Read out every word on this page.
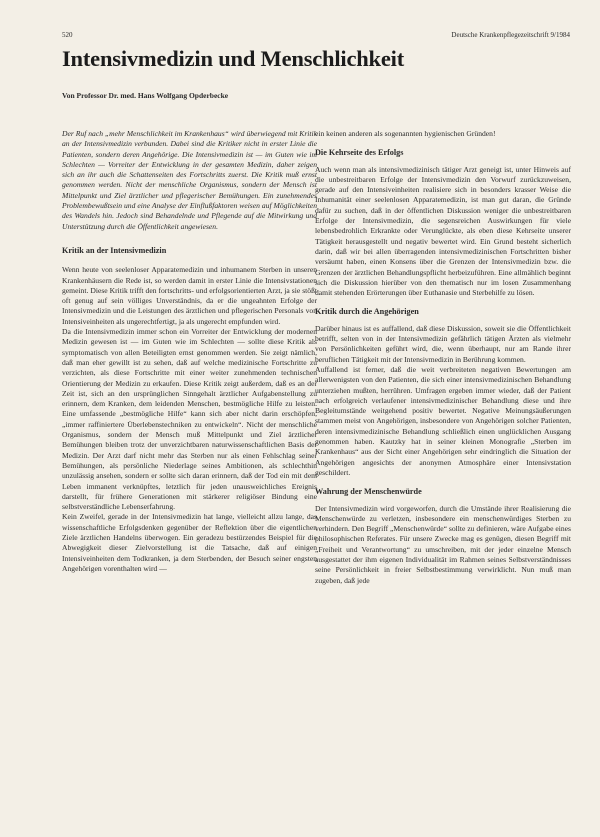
520	Deutsche Krankenpflegezeitschrift 9/1984
Intensivmedizin und Menschlichkeit

Von Professor Dr. med. Hans Wolfgang Opderbecke

Der Ruf nach „mehr Menschlichkeit im Krankenhaus“ wird überwiegend mit Kritik an der Intensivmedizin verbunden. Dabei sind die Kritiker nicht in erster Linie die Patienten, sondern deren Angehörige. Die Intensivmedizin ist — im Guten wie im Schlechten — Vorreiter der Entwicklung in der gesamten Medizin, daher zeigen sich an ihr auch die Schattenseiten des Fortschritts zuerst. Die Kritik muß ernst genommen werden. Nicht der menschliche Organismus, sondern der Mensch ist Mittelpunkt und Ziel ärztlicher und pflegerischer Bemühungen. Ein zunehmendes Problembewußtsein und eine Analyse der Einflußfaktoren weisen auf Möglichkeiten des Wandels hin. Jedoch sind Behandelnde und Pflegende auf die Mitwirkung und Unterstützung durch die Öffentlichkeit angewiesen.

Kritik an der Intensivmedizin

Wenn heute von seelenloser Apparatemedizin und inhumanem Sterben in unseren Krankenhäusern die Rede ist, so werden damit in erster Linie die Intensivstationen gemeint. Diese Kritik trifft den fortschritts- und erfolgsorientierten Arzt, ja sie stößt oft genug auf sein völliges Unverständnis, da er die ungeahnten Erfolge der Intensivmedizin und die Leistungen des ärztlichen und pflegerischen Personals von Intensiveinheiten als ungerechtfertigt, ja als ungerecht empfunden wird.

Da die Intensivmedizin immer schon ein Vorreiter der Entwicklung der modernen Medizin gewesen ist — im Guten wie im Schlechten — sollte diese Kritik als symptomatisch von allen Beteiligten ernst genommen werden. Sie zeigt nämlich, daß man eher gewillt ist zu sehen, daß auf welche medizinische Fortschritte zu verzichten, als diese Fortschritte mit einer weiter zunehmenden technischen Orientierung der Medizin zu erkaufen. Diese Kritik zeigt außerdem, daß es an der Zeit ist, sich an den ursprünglichen Sinngehalt ärztlicher Aufgabenstellung zu erinnern, dem Kranken, dem leidenden Menschen, bestmögliche Hilfe zu leisten. Eine umfassende „bestmögliche Hilfe“ kann sich aber nicht darin erschöpfen, „immer raffiniertere Überlebenstechniken zu entwickeln“. Nicht der menschliche Organismus, sondern der Mensch muß Mittelpunkt und Ziel ärztlicher Bemühungen bleiben trotz der unverzichtbaren naturwissenschaftlichen Basis der Medizin. Der Arzt darf nicht mehr das Sterben nur als einen Fehlschlag seiner Bemühungen, als persönliche Niederlage seines Ambitionen, als schlechthin unzulässig ansehen, sondern er sollte sich daran erinnern, daß der Tod ein mit dem Leben immanent verknüpftes, letztlich für jeden unausweichliches Ereignis darstellt, für frühere Generationen mit stärkerer religiöser Bindung eine selbstverständliche Lebenserfahrung.

Kein Zweifel, gerade in der Intensivmedizin hat lange, vielleicht allzu lange, das wissenschaftliche Erfolgsdenken gegenüber der Reflektion über die eigentlichen Ziele ärztlichen Handelns überwogen. Ein geradezu bestürzendes Beispiel für die Abwegigkeit dieser Zielvorstellung ist die Tatsache, daß auf einigen Intensiveinheiten dem Todkranken, ja dem Sterbenden, der Besuch seiner engsten Angehörigen vorenthalten wird —

ein keinen anderen als sogenannten hygienischen Gründen!

Die Kehrseite des Erfolgs

Auch wenn man als intensivmedizinisch tätiger Arzt geneigt ist, unter Hinweis auf die unbestreitbaren Erfolge der Intensivmedizin den Vorwurf zurückzuweisen, gerade auf den Intensiveinheiten realisiere sich in besonders krasser Weise die Inhumanität einer seelenlosen Apparatemedizin, ist man gut daran, die Gründe dafür zu suchen, daß in der öffentlichen Diskussion weniger die unbestreitbaren Erfolge der Intensivmedizin, die segensreichen Auswirkungen für viele lebensbedrohlich Erkrankte oder Verunglückte, als eben diese Kehrseite unserer Tätigkeit herausgestellt und negativ bewertet wird. Ein Grund besteht sicherlich darin, daß wir bei allen überragenden intensivmedizinischen Fortschritten bisher versäumt haben, einen Konsens über die Grenzen der Intensivmedizin bzw. die Grenzen der ärztlichen Behandlungspflicht herbeizuführen. Eine allmählich beginnt sich die Diskussion hierüber von den thematisch nur im losen Zusammenhang damit stehenden Erörterungen über Euthanasie und Sterbehilfe zu lösen.

Kritik durch die Angehörigen

Darüber hinaus ist es auffallend, daß diese Diskussion, soweit sie die Öffentlichkeit betrifft, selten von in der Intensivmedizin gefährlich tätigen Ärzten als vielmehr von Persönlichkeiten geführt wird, die, wenn überhaupt, nur am Rande ihrer beruflichen Tätigkeit mit der Intensivmedizin in Berührung kommen.

Auffallend ist ferner, daß die weit verbreiteten negativen Bewertungen am allerwenigsten von den Patienten, die sich einer intensivmedizinischen Behandlung unterziehen mußten, herrühren. Umfragen ergeben immer wieder, daß der Patient nach erfolgreich verlaufener intensivmedizinischer Behandlung diese und ihre Begleitumstände weitgehend positiv bewertet. Negative Meinungsäußerungen stammen meist von Angehörigen, insbesondere von Angehörigen solcher Patienten, deren intensivmedizinische Behandlung schließlich einen unglücklichen Ausgang genommen haben. Kautzky hat in seiner kleinen Monografie „Sterben im Krankenhaus“ aus der Sicht einer Angehörigen sehr eindringlich die Situation der Angehörigen angesichts der anonymen Atmosphäre einer Intensivstation geschildert.

Wahrung der Menschenwürde

Der Intensivmedizin wird vorgeworfen, durch die Umstände ihrer Realisierung die Menschenwürde zu verletzen, insbesondere ein menschenwürdiges Sterben zu verhindern. Den Begriff „Menschenwürde“ sollte zu definieren, wäre Aufgabe eines philosophischen Referates. Für unsere Zwecke mag es genügen, diesen Begriff mit „Freiheit und Verantwortung“ zu umschreiben, mit der jeder einzelne Mensch ausgestattet der ihm eigenen Individualität im Rahmen seines Selbstverständnisses seine Persönlichkeit in freier Selbstbestimmung verwirklicht. Nun muß man zugeben, daß jede
